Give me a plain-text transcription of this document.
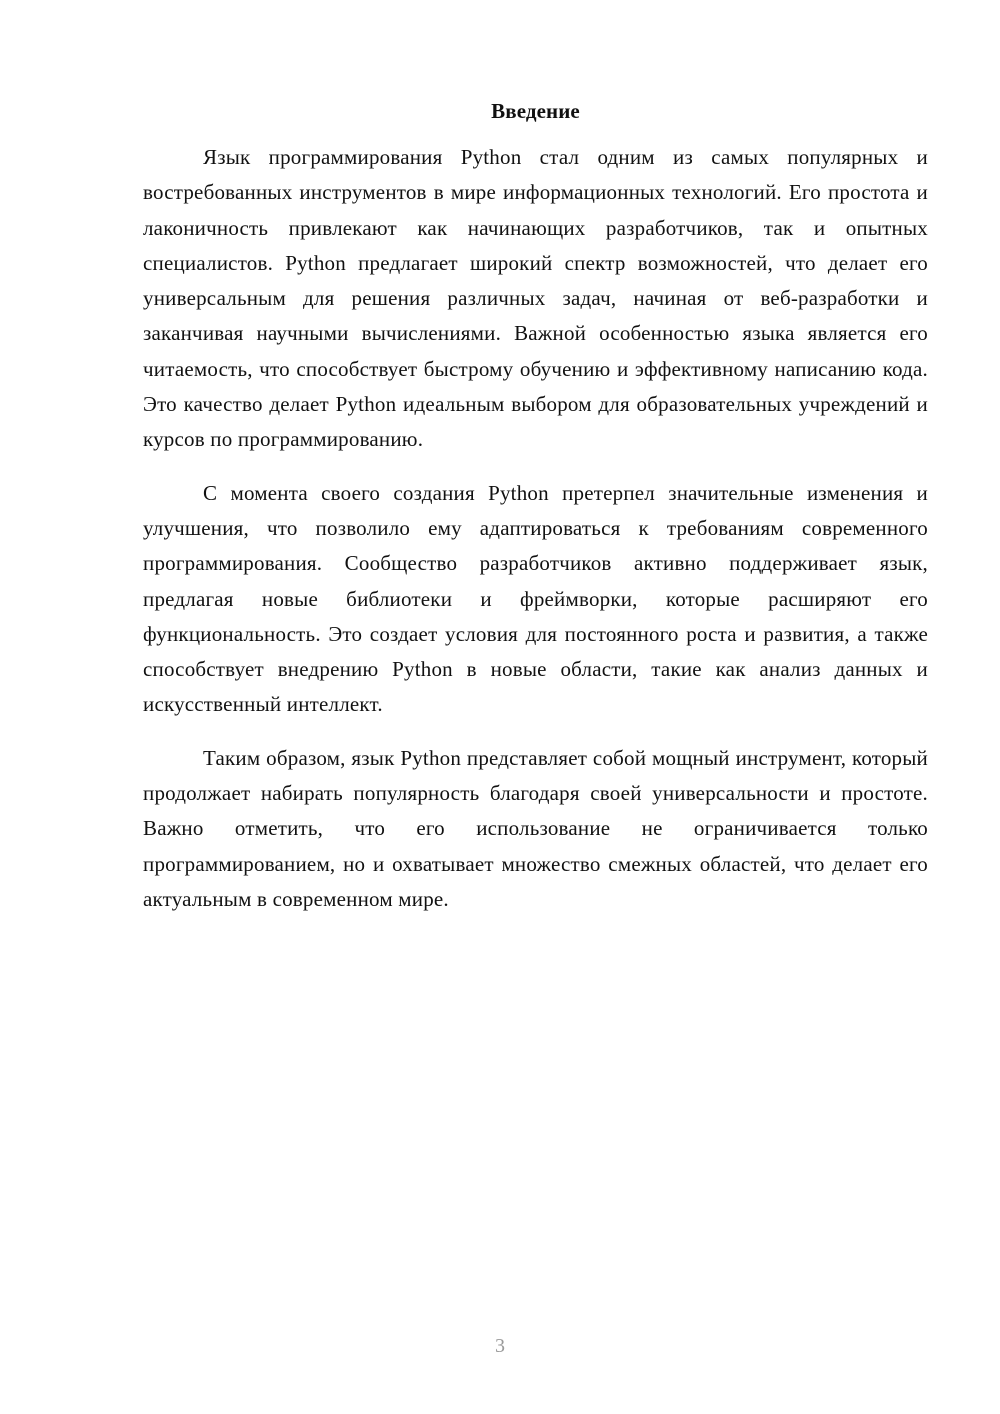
Введение

Язык программирования Python стал одним из самых популярных и востребованных инструментов в мире информационных технологий. Его простота и лаконичность привлекают как начинающих разработчиков, так и опытных специалистов. Python предлагает широкий спектр возможностей, что делает его универсальным для решения различных задач, начиная от веб-разработки и заканчивая научными вычислениями. Важной особенностью языка является его читаемость, что способствует быстрому обучению и эффективному написанию кода. Это качество делает Python идеальным выбором для образовательных учреждений и курсов по программированию.

С момента своего создания Python претерпел значительные изменения и улучшения, что позволило ему адаптироваться к требованиям современного программирования. Сообщество разработчиков активно поддерживает язык, предлагая новые библиотеки и фреймворки, которые расширяют его функциональность. Это создает условия для постоянного роста и развития, а также способствует внедрению Python в новые области, такие как анализ данных и искусственный интеллект.

Таким образом, язык Python представляет собой мощный инструмент, который продолжает набирать популярность благодаря своей универсальности и простоте. Важно отметить, что его использование не ограничивается только программированием, но и охватывает множество смежных областей, что делает его актуальным в современном мире.

3
